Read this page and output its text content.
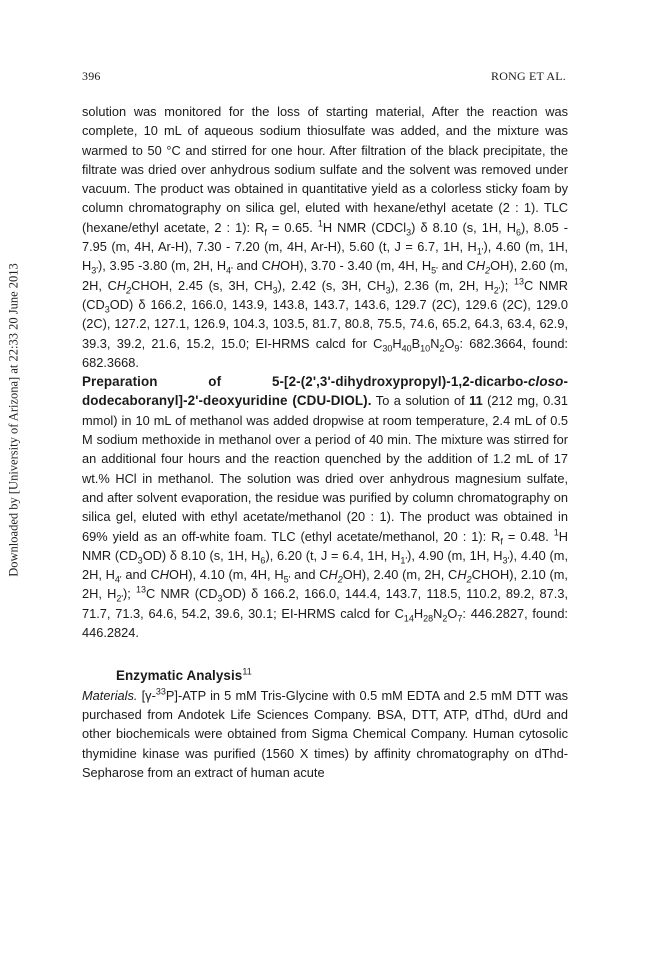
396	RONG ET AL.
Downloaded by [University of Arizona] at 22:33 20 June 2013

solution was monitored for the loss of starting material, After the reaction was complete, 10 mL of aqueous sodium thiosulfate was added, and the mixture was warmed to 50 °C and stirred for one hour. After filtration of the black precipitate, the filtrate was dried over anhydrous sodium sulfate and the solvent was removed under vacuum. The product was obtained in quantitative yield as a colorless sticky foam by column chromatography on silica gel, eluted with hexane/ethyl acetate (2 : 1). TLC (hexane/ethyl acetate, 2 : 1): $R_f = 0.65$. $^1$H NMR (CDCl$_3$) δ 8.10 (s, 1H, $H_6$), 8.05 - 7.95 (m, 4H, Ar-H), 7.30 - 7.20 (m, 4H, Ar-H), 5.60 (t, J = 6.7, 1H, $H_{1'}$), 4.60 (m, 1H, $H_{3'}$), 3.95 -3.80 (m, 2H, $H_{4'}$ and CHOH), 3.70 - 3.40 (m, 4H, $H_{5'}$ and $CH_2OH$), 2.60 (m, 2H, $CH_2CHOH$, 2.45 (s, 3H, $CH_3$), 2.42 (s, 3H, $CH_3$), 2.36 (m, 2H, $H_{2'}$); $^{13}$C NMR $(CD_3OD)$ δ 166.2, 166.0, 143.9, 143.8, 143.7, 143.6, 129.7 (2C), 129.6 (2C), 129.0 (2C), 127.2, 127.1, 126.9, 104.3, 103.5, 81.7, 80.8, 75.5, 74.6, 65.2, 64.3, 63.4, 62.9, 39.3, 39.2, 21.6, 15.2, 15.0; EI-HRMS calcd for $C_{30}H_{40}B_{10}N_2O_9$: 682.3664, found: 682.3668.

Preparation of 5-[2-(2',3'-dihydroxypropyl)-1,2-dicarbo-closo-dodecaboranyl]-2'-deoxyuridine (CDU-DIOL). To a solution of 11 (212 mg, 0.31 mmol) in 10 mL of methanol was added dropwise at room temperature, 2.4 mL of 0.5 M sodium methoxide in methanol over a period of 40 min. The mixture was stirred for an additional four hours and the reaction quenched by the addition of 1.2 mL of 17 wt.% HCl in methanol. The solution was dried over anhydrous magnesium sulfate, and after solvent evaporation, the residue was purified by column chromatography on silica gel, eluted with ethyl acetate/methanol (20 : 1). The product was obtained in 69% yield as an off-white foam. TLC (ethyl acetate/methanol, 20 : 1): $R_f = 0.48$. $^1$H NMR $(CD_3OD)$ δ 8.10 (s, 1H, $H_6$), 6.20 (t, J = 6.4, 1H, $H_{1'}$), 4.90 (m, 1H, $H_{3'}$), 4.40 (m, 2H, $H_{4'}$ and CHOH), 4.10 (m, 4H, $H_{5'}$ and $CH_2OH$), 2.40 (m, 2H, $CH_2CHOH$), 2.10 (m, 2H, $H_{2'}$); $^{13}$C NMR $(CD_3OD)$ δ 166.2, 166.0, 144.4, 143.7, 118.5, 110.2, 89.2, 87.3, 71.7, 71.3, 64.6, 54.2, 39.6, 30.1; EI-HRMS calcd for $C_{14}H_{28}N_2O_7$: 446.2827, found: 446.2824.

Enzymatic Analysis$^{11}$

Materials. [γ-$^{33}$P]-ATP in 5 mM Tris-Glycine with 0.5 mM EDTA and 2.5 mM DTT was purchased from Andotek Life Sciences Company. BSA, DTT, ATP, dThd, dUrd and other biochemicals were obtained from Sigma Chemical Company. Human cytosolic thymidine kinase was purified (1560 X times) by affinity chromatography on dThd-Sepharose from an extract of human acute
